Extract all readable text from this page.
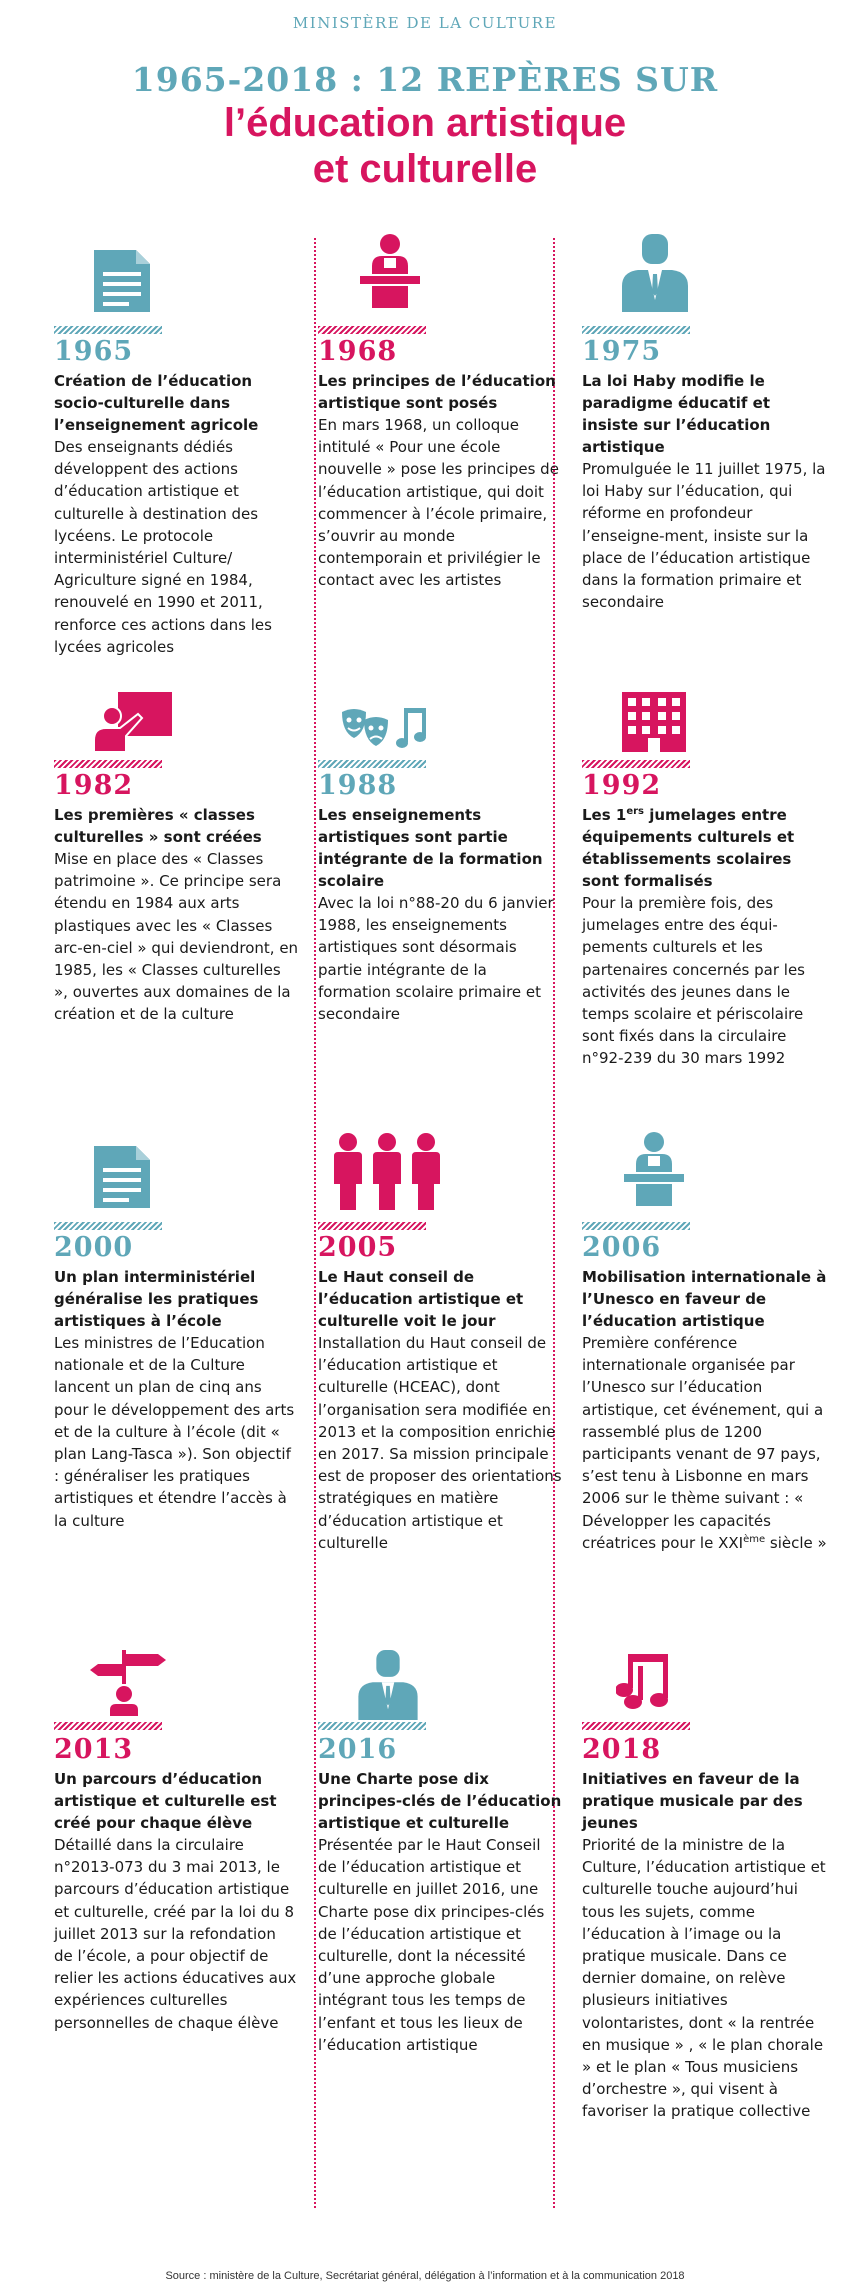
MINISTÈRE DE LA CULTURE
1965-2018 : 12 REPÈRES SUR
l’éducation artistique
et culturelle
1965
Création de l’éducation socio-culturelle dans l’enseignement agricole
Des enseignants dédiés développent des actions d’éducation artistique et culturelle à destination des lycéens. Le protocole interministériel Culture/ Agriculture signé en 1984, renouvelé en 1990 et 2011, renforce ces actions dans les lycées agricoles
1968
Les principes de l’éducation artistique sont posés
En mars 1968, un colloque intitulé « Pour une école nouvelle » pose les principes de l’éducation artistique, qui doit commencer à l’école primaire, s’ouvrir au monde contemporain et privilégier le contact avec les artistes
1975
La loi Haby modifie le paradigme éducatif et insiste sur l’éducation artistique
Promulguée le 11 juillet 1975, la loi Haby sur l’éducation, qui réforme en profondeur l’enseigne-ment, insiste sur la place de l’éducation artistique dans la formation primaire et secondaire
1982
Les premières « classes culturelles » sont créées
Mise en place des « Classes patrimoine ». Ce principe sera étendu en 1984 aux arts plastiques avec les « Classes arc-en-ciel » qui deviendront, en 1985, les « Classes culturelles », ouvertes aux domaines de la création et de la culture
1988
Les enseignements artistiques sont partie intégrante de la formation scolaire
Avec la loi n°88-20 du 6 janvier 1988, les enseignements artistiques sont désormais partie intégrante de la formation scolaire primaire et secondaire
1992
Les 1ers jumelages entre équipements culturels et établissements scolaires sont formalisés
Pour la première fois, des jumelages entre des équi-pements culturels et les partenaires concernés par les activités des jeunes dans le temps scolaire et périscolaire sont fixés dans la circulaire n°92-239 du 30 mars 1992
2000
Un plan interministériel généralise les pratiques artistiques à l’école
Les ministres de l’Education nationale et de la Culture lancent un plan de cinq ans pour le développement des arts et de la culture à l’école (dit « plan Lang-Tasca »). Son objectif : généraliser les pratiques artistiques et étendre l’accès à la culture
2005
Le Haut conseil de l’éducation artistique et culturelle voit le jour
Installation du Haut conseil de l’éducation artistique et culturelle (HCEAC), dont l’organisation sera modifiée en 2013 et la composition enrichie en 2017. Sa mission principale est de proposer des orientations stratégiques en matière d’éducation artistique et culturelle
2006
Mobilisation internationale à l’Unesco en faveur de l’éducation artistique
Première conférence internationale organisée par l’Unesco sur l’éducation artistique, cet événement, qui a rassemblé plus de 1200 participants venant de 97 pays, s’est tenu à Lisbonne en mars 2006 sur le thème suivant : « Développer les capacités créatrices pour le XXIème siècle »
2013
Un parcours d’éducation artistique et culturelle est créé pour chaque élève
Détaillé dans la circulaire n°2013-073 du 3 mai 2013, le parcours d’éducation artistique et culturelle, créé par la loi du 8 juillet 2013 sur la refondation de l’école, a pour objectif de relier les actions éducatives aux expériences culturelles personnelles de chaque élève
2016
Une Charte pose dix principes-clés de l’éducation artistique et culturelle
Présentée par le Haut Conseil de l’éducation artistique et culturelle en juillet 2016, une Charte pose dix principes-clés de l’éducation artistique et culturelle, dont la nécessité d’une approche globale intégrant tous les temps de l’enfant et tous les lieux de l’éducation artistique
2018
Initiatives en faveur de la pratique musicale par des jeunes
Priorité de la ministre de la Culture, l’éducation artistique et culturelle touche aujourd’hui tous les sujets, comme l’éducation à l’image ou la pratique musicale. Dans ce dernier domaine, on relève plusieurs initiatives volontaristes, dont « la rentrée en musique » , « le plan chorale » et le plan « Tous musiciens d’orchestre », qui visent à favoriser la pratique collective
Source : ministère de la Culture, Secrétariat général, délégation à l’information et à la communication 2018
